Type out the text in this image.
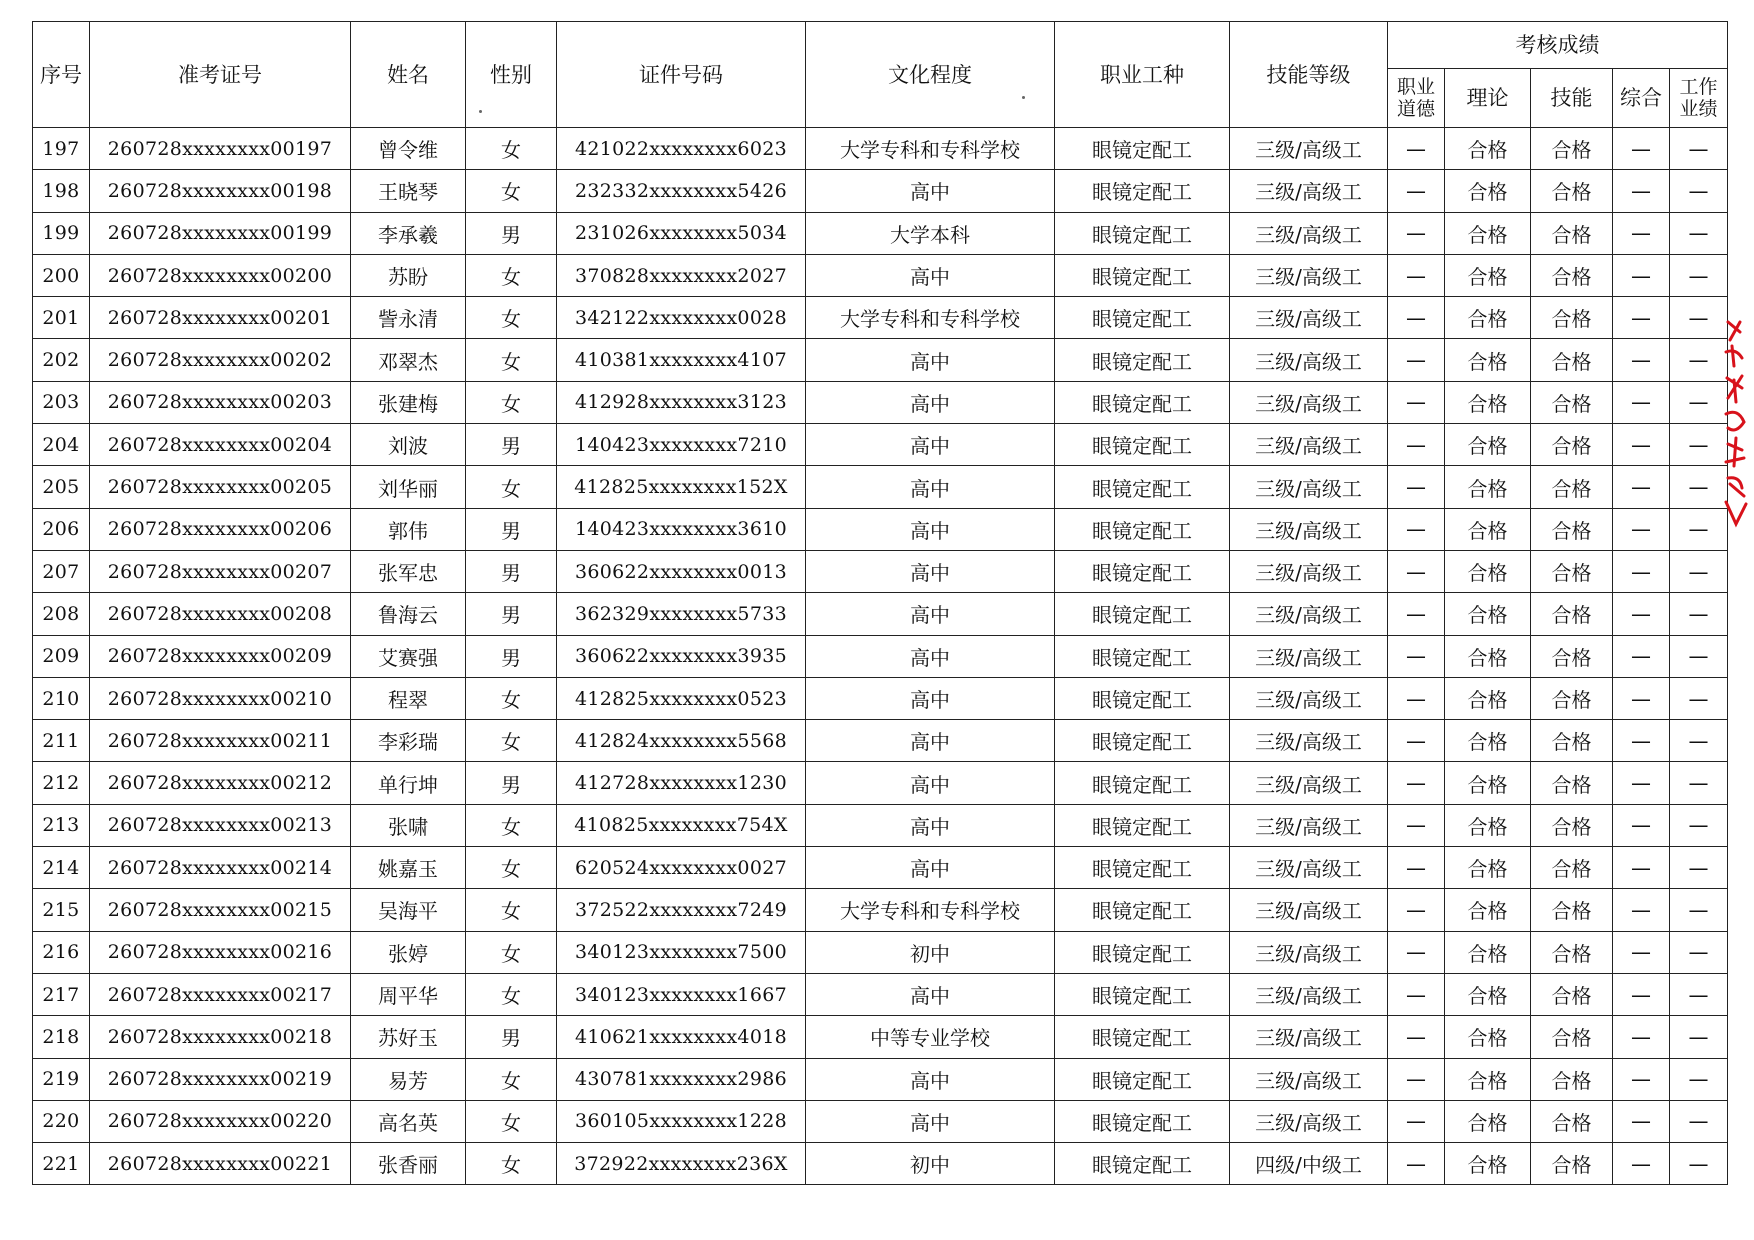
序号	准考证号	姓名	性别	证件号码	文化程度	职业工种	技能等级	考核成绩				

								职业道德	理论	技能	综合	工作业绩

197	260728xxxxxxxx00197	曾令维	女	421022xxxxxxxx6023	大学专科和专科学校	眼镜定配工	三级/高级工	—	合格	合格	—	—
198	260728xxxxxxxx00198	王晓琴	女	232332xxxxxxxx5426	高中	眼镜定配工	三级/高级工	—	合格	合格	—	—
199	260728xxxxxxxx00199	李承羲	男	231026xxxxxxxx5034	大学本科	眼镜定配工	三级/高级工	—	合格	合格	—	—
200	260728xxxxxxxx00200	苏盼	女	370828xxxxxxxx2027	高中	眼镜定配工	三级/高级工	—	合格	合格	—	—
201	260728xxxxxxxx00201	訾永清	女	342122xxxxxxxx0028	大学专科和专科学校	眼镜定配工	三级/高级工	—	合格	合格	—	—
202	260728xxxxxxxx00202	邓翠杰	女	410381xxxxxxxx4107	高中	眼镜定配工	三级/高级工	—	合格	合格	—	—
203	260728xxxxxxxx00203	张建梅	女	412928xxxxxxxx3123	高中	眼镜定配工	三级/高级工	—	合格	合格	—	—
204	260728xxxxxxxx00204	刘波	男	140423xxxxxxxx7210	高中	眼镜定配工	三级/高级工	—	合格	合格	—	—
205	260728xxxxxxxx00205	刘华丽	女	412825xxxxxxxx152X	高中	眼镜定配工	三级/高级工	—	合格	合格	—	—
206	260728xxxxxxxx00206	郭伟	男	140423xxxxxxxx3610	高中	眼镜定配工	三级/高级工	—	合格	合格	—	—
207	260728xxxxxxxx00207	张军忠	男	360622xxxxxxxx0013	高中	眼镜定配工	三级/高级工	—	合格	合格	—	—
208	260728xxxxxxxx00208	鲁海云	男	362329xxxxxxxx5733	高中	眼镜定配工	三级/高级工	—	合格	合格	—	—
209	260728xxxxxxxx00209	艾赛强	男	360622xxxxxxxx3935	高中	眼镜定配工	三级/高级工	—	合格	合格	—	—
210	260728xxxxxxxx00210	程翠	女	412825xxxxxxxx0523	高中	眼镜定配工	三级/高级工	—	合格	合格	—	—
211	260728xxxxxxxx00211	李彩瑞	女	412824xxxxxxxx5568	高中	眼镜定配工	三级/高级工	—	合格	合格	—	—
212	260728xxxxxxxx00212	单行坤	男	412728xxxxxxxx1230	高中	眼镜定配工	三级/高级工	—	合格	合格	—	—
213	260728xxxxxxxx00213	张啸	女	410825xxxxxxxx754X	高中	眼镜定配工	三级/高级工	—	合格	合格	—	—
214	260728xxxxxxxx00214	姚嘉玉	女	620524xxxxxxxx0027	高中	眼镜定配工	三级/高级工	—	合格	合格	—	—
215	260728xxxxxxxx00215	吴海平	女	372522xxxxxxxx7249	大学专科和专科学校	眼镜定配工	三级/高级工	—	合格	合格	—	—
216	260728xxxxxxxx00216	张婷	女	340123xxxxxxxx7500	初中	眼镜定配工	三级/高级工	—	合格	合格	—	—
217	260728xxxxxxxx00217	周平华	女	340123xxxxxxxx1667	高中	眼镜定配工	三级/高级工	—	合格	合格	—	—
218	260728xxxxxxxx00218	苏好玉	男	410621xxxxxxxx4018	中等专业学校	眼镜定配工	三级/高级工	—	合格	合格	—	—
219	260728xxxxxxxx00219	易芳	女	430781xxxxxxxx2986	高中	眼镜定配工	三级/高级工	—	合格	合格	—	—
220	260728xxxxxxxx00220	高名英	女	360105xxxxxxxx1228	高中	眼镜定配工	三级/高级工	—	合格	合格	—	—
221	260728xxxxxxxx00221	张香丽	女	372922xxxxxxxx236X	初中	眼镜定配工	四级/中级工	—	合格	合格	—	—
